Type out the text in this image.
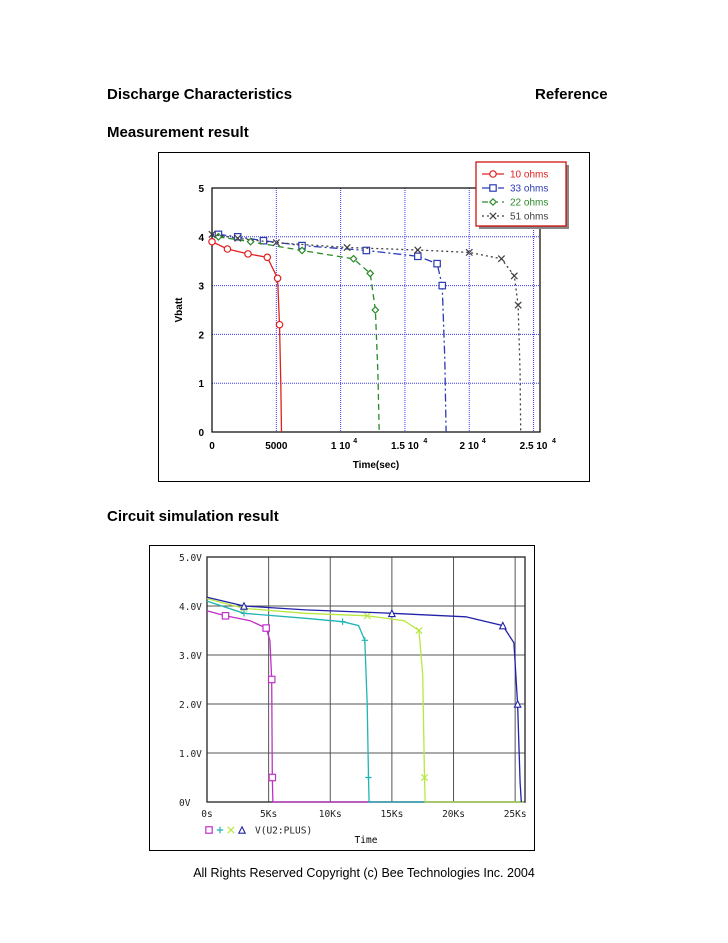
Discharge Characteristics	Reference
Measurement result
Circuit simulation result
0
1
2
3
4
5
0	5000	1 10 4	1.5 10 4	2 10 4	2.5 10 4
Time(sec)
Vbatt
10 ohms
33 ohms
22 ohms
51 ohms
0V
1.0V
2.0V
3.0V
4.0V
5.0V
0s	5Ks	10Ks	15Ks	20Ks	25Ks
Time
V(U2:PLUS)
All Rights Reserved Copyright (c) Bee Technologies Inc. 2004
